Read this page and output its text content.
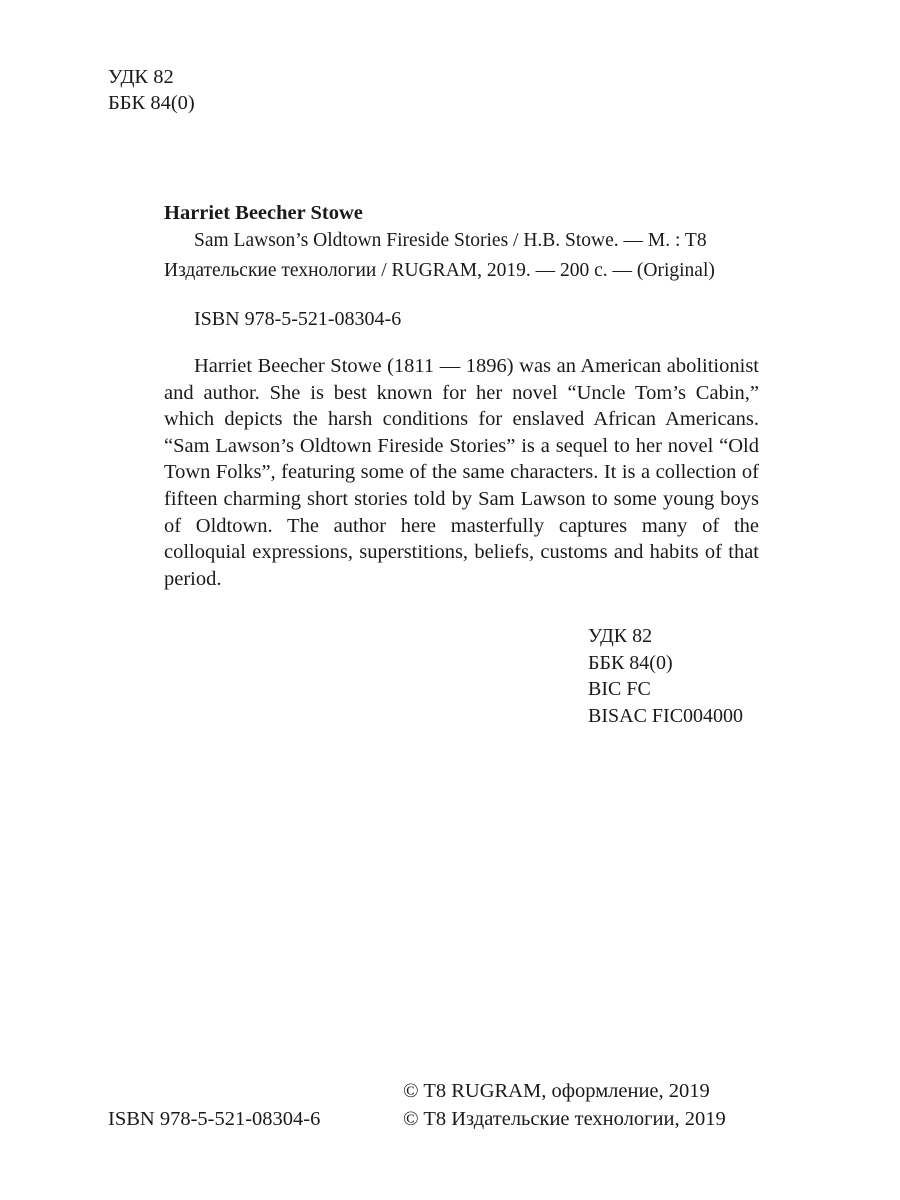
УДК 82
ББК 84(0)
Harriet Beecher Stowe
Sam Lawson’s Oldtown Fireside Stories / H.B. Stowe. — M. : T8
Издательские технологии / RUGRAM, 2019. — 200 с. — (Original)
ISBN 978-5-521-08304-6
Harriet Beecher Stowe (1811 — 1896) was an American abolitionist and author. She is best known for her novel “Uncle Tom’s Cabin,” which depicts the harsh conditions for enslaved African Americans. “Sam Lawson’s Oldtown Fireside Stories” is a sequel to her novel “Old Town Folks”, featuring some of the same characters. It is a collection of fifteen charming short stories told by Sam Lawson to some young boys of Oldtown. The author here masterfully captures many of the colloquial expressions, superstitions, beliefs, customs and habits of that period.
УДК 82
ББК 84(0)
BIC FC
BISAC FIC004000
© T8 RUGRAM, оформление, 2019
© T8 Издательские технологии, 2019
ISBN 978-5-521-08304-6
